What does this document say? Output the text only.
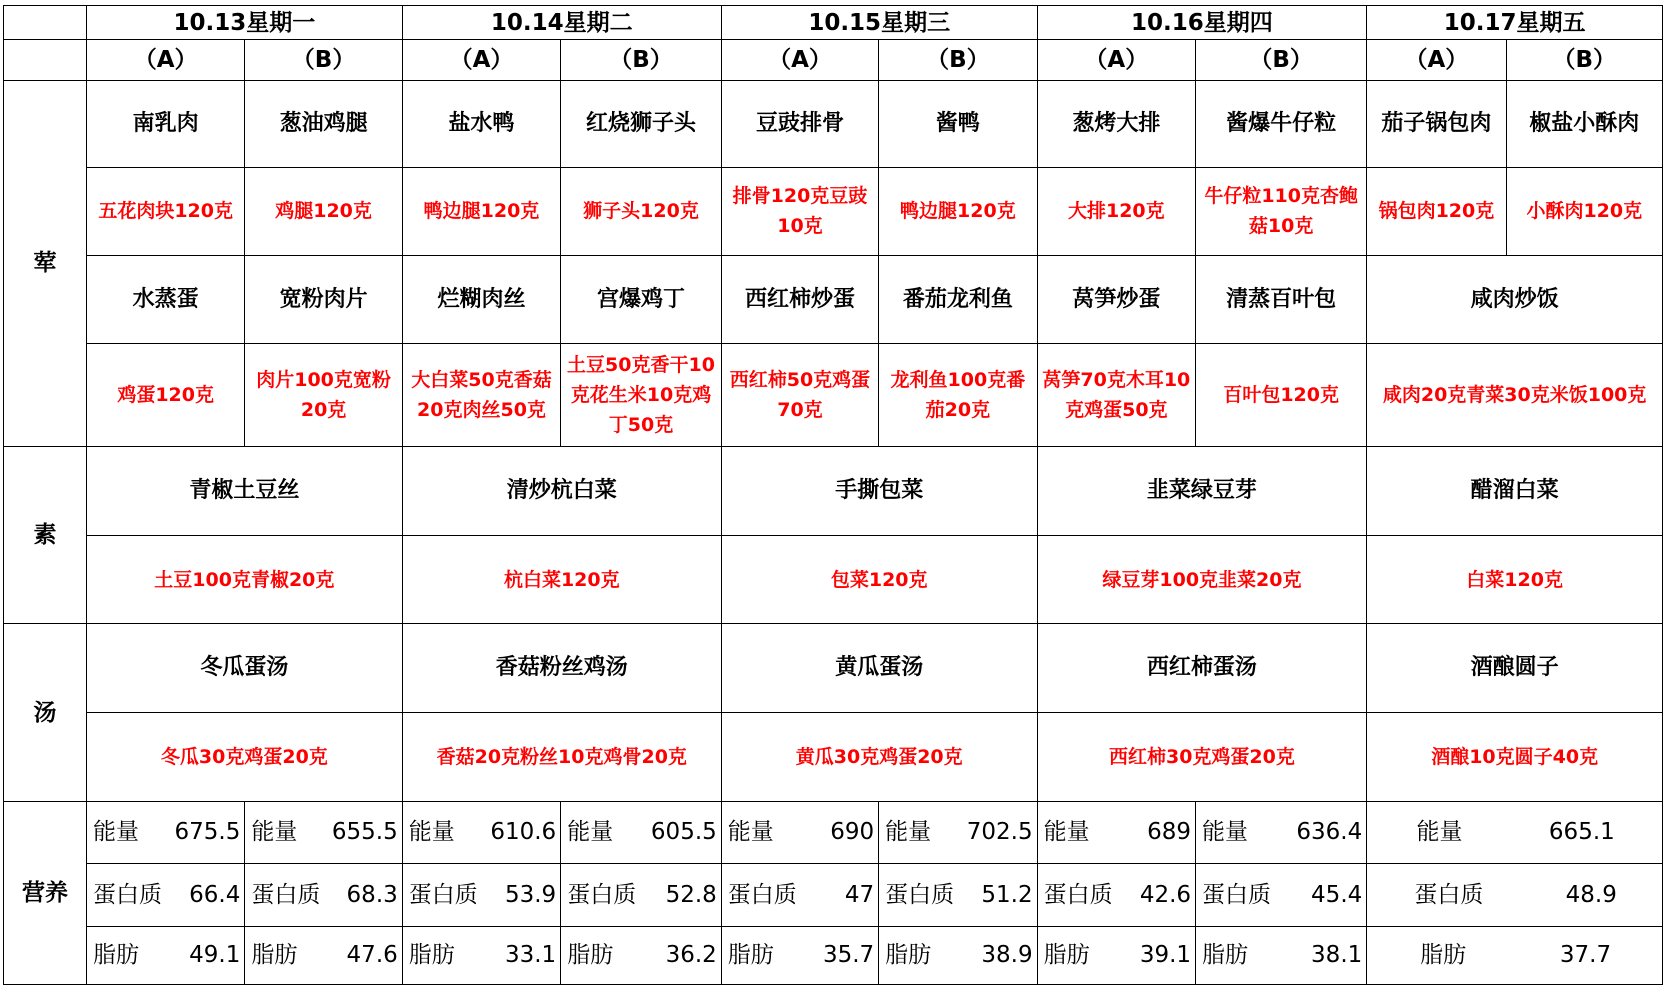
	10.13星期一		10.14星期二		10.15星期三		10.16星期四		10.17星期五	
	（A）	（B）	（A）	（B）	（A）	（B）	（A）	（B）	（A）	（B）
荤	南乳肉	葱油鸡腿	盐水鸭	红烧狮子头	豆豉排骨	酱鸭	葱烤大排	酱爆牛仔粒	茄子锅包肉	椒盐小酥肉
	五花肉块120克	鸡腿120克	鸭边腿120克	狮子头120克	排骨120克豆豉10克	鸭边腿120克	大排120克	牛仔粒110克杏鲍菇10克	锅包肉120克	小酥肉120克
	水蒸蛋	宽粉肉片	烂糊肉丝	宫爆鸡丁	西红柿炒蛋	番茄龙利鱼	莴笋炒蛋	清蒸百叶包	咸肉炒饭	
	鸡蛋120克	肉片100克宽粉20克	大白菜50克香菇20克肉丝50克	土豆50克香干10克花生米10克鸡丁50克	西红柿50克鸡蛋70克	龙利鱼100克番茄20克	莴笋70克木耳10克鸡蛋50克	百叶包120克	咸肉20克青菜30克米饭100克	
素	青椒土豆丝		清炒杭白菜		手撕包菜		韭菜绿豆芽		醋溜白菜	
	土豆100克青椒20克		杭白菜120克		包菜120克		绿豆芽100克韭菜20克		白菜120克	
汤	冬瓜蛋汤		香菇粉丝鸡汤		黄瓜蛋汤		西红柿蛋汤		酒酿圆子	
	冬瓜30克鸡蛋20克		香菇20克粉丝10克鸡骨20克		黄瓜30克鸡蛋20克		西红柿30克鸡蛋20克		酒酿10克圆子40克	
营养	能量 675.5	能量 655.5	能量 610.6	能量 605.5	能量 690	能量 702.5	能量 689	能量 636.4	能量 665.1	

	蛋白质 66.4	蛋白质 68.3	蛋白质 53.9	蛋白质 52.8	蛋白质 47	蛋白质 51.2	蛋白质 42.6	蛋白质 45.4	蛋白质 48.9	

	脂肪 49.1	脂肪 47.6	脂肪 33.1	脂肪 36.2	脂肪 35.7	脂肪 38.9	脂肪 39.1	脂肪 38.1	脂肪 37.7	
